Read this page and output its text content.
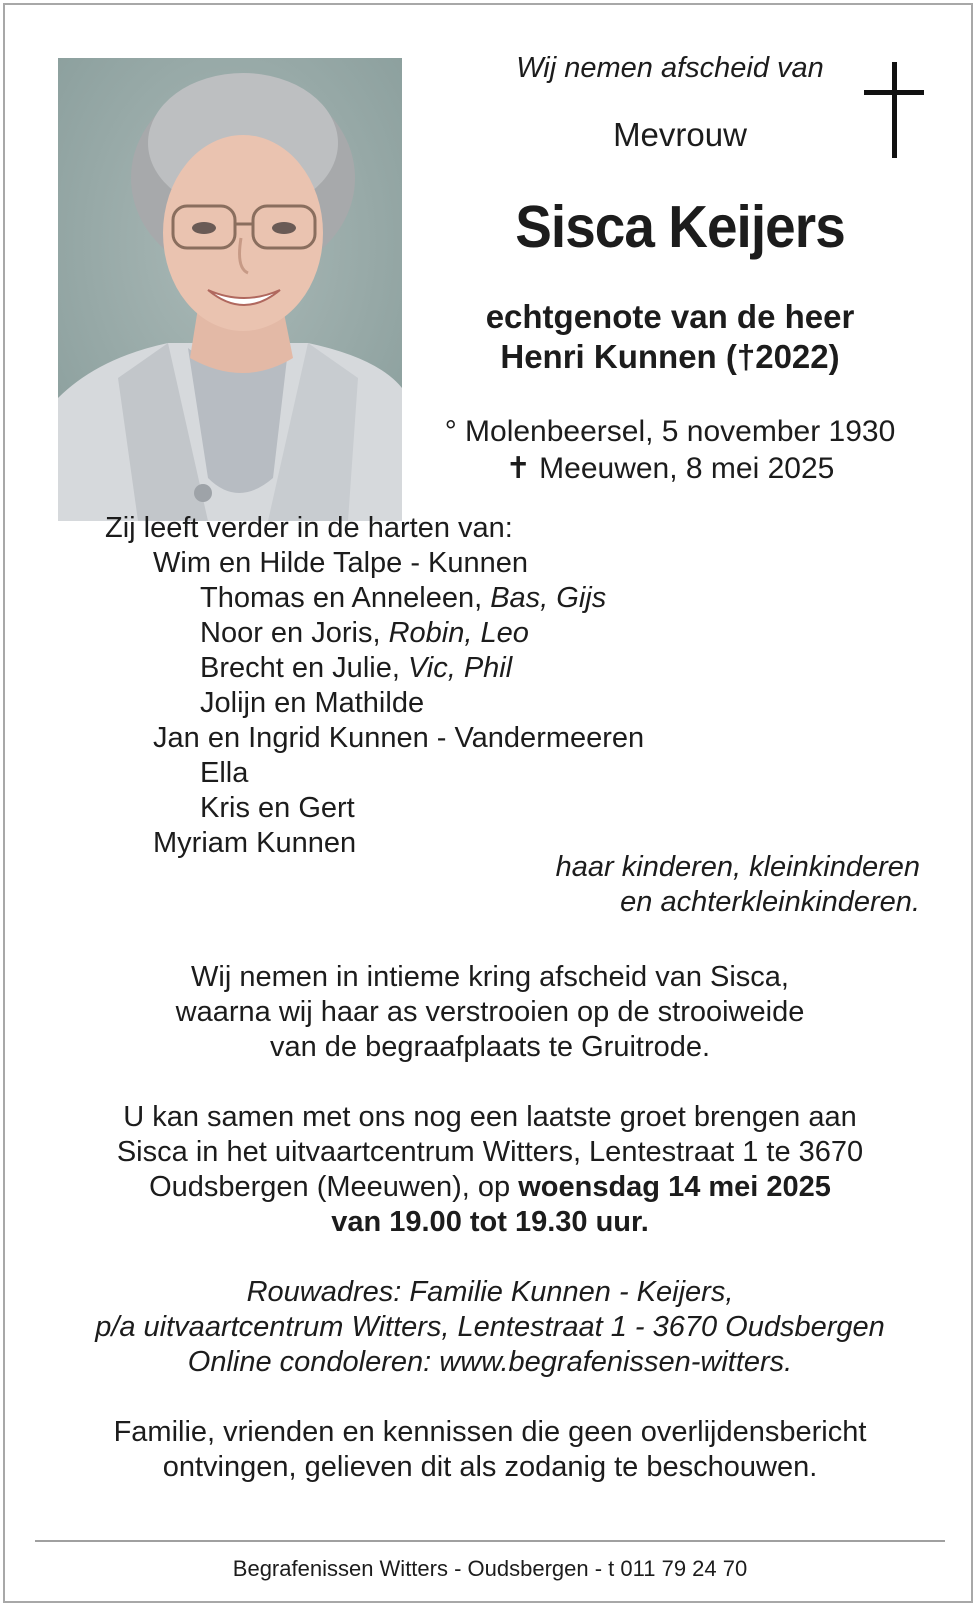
Wij nemen afscheid van

Mevrouw

Sisca Keijers

echtgenote van de heer

Henri Kunnen (†2022)

° Molenbeersel, 5 november 1930

✝ Meeuwen, 8 mei 2025

Zij leeft verder in de harten van:

Wim en Hilde Talpe - Kunnen

Thomas en Anneleen, Bas, Gijs

Noor en Joris, Robin, Leo

Brecht en Julie, Vic, Phil

Jolijn en Mathilde

Jan en Ingrid Kunnen - Vandermeeren

Ella

Kris en Gert

Myriam Kunnen

haar kinderen, kleinkinderen

en achterkleinkinderen.

Wij nemen in intieme kring afscheid van Sisca,

waarna wij haar as verstrooien op de strooiweide

van de begraafplaats te Gruitrode.

U kan samen met ons nog een laatste groet brengen aan

Sisca in het uitvaartcentrum Witters, Lentestraat 1 te 3670

Oudsbergen (Meeuwen), op woensdag 14 mei 2025

van 19.00 tot 19.30 uur.

Rouwadres: Familie Kunnen - Keijers,

p/a uitvaartcentrum Witters, Lentestraat 1 - 3670 Oudsbergen

Online condoleren: www.begrafenissen-witters.

Familie, vrienden en kennissen die geen overlijdensbericht

ontvingen, gelieven dit als zodanig te beschouwen.

Begrafenissen Witters - Oudsbergen - t 011 79 24 70
